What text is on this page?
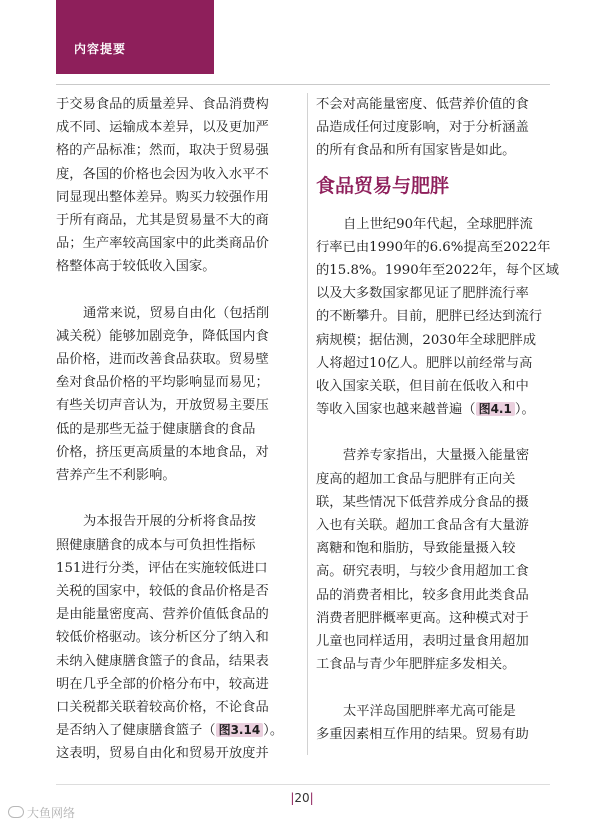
内容提要
于交易食品的质量差异、食品消费构
成不同、运输成本差异，以及更加严
格的产品标准；然而，取决于贸易强
度，各国的价格也会因为收入水平不
同显现出整体差异。购买力较强作用
于所有商品，尤其是贸易量不大的商
品；生产率较高国家中的此类商品价
格整体高于较低收入国家。
通常来说，贸易自由化（包括削
减关税）能够加剧竞争，降低国内食
品价格，进而改善食品获取。贸易壁
垒对食品价格的平均影响显而易见；
有些关切声音认为，开放贸易主要压
低的是那些无益于健康膳食的食品
价格，挤压更高质量的本地食品，对
营养产生不利影响。
为本报告开展的分析将食品按
照健康膳食的成本与可负担性指标
151进行分类，评估在实施较低进口
关税的国家中，较低的食品价格是否
是由能量密度高、营养价值低食品的
较低价格驱动。该分析区分了纳入和
未纳入健康膳食篮子的食品，结果表
明在几乎全部的价格分布中，较高进
口关税都关联着较高价格，不论食品
是否纳入了健康膳食篮子（ 图3.14 ）。
这表明，贸易自由化和贸易开放度并
不会对高能量密度、低营养价值的食
品造成任何过度影响，对于分析涵盖
的所有食品和所有国家皆是如此。
食品贸易与肥胖
自上世纪90年代起，全球肥胖流
行率已由1990年的6.6%提高至2022年
的15.8%。1990年至2022年，每个区域
以及大多数国家都见证了肥胖流行率
的不断攀升。目前，肥胖已经达到流行
病规模；据估测，2030年全球肥胖成
人将超过10亿人。肥胖以前经常与高
收入国家关联，但目前在低收入和中
等收入国家也越来越普遍（ 图4.1 ）。
营养专家指出，大量摄入能量密
度高的超加工食品与肥胖有正向关
联，某些情况下低营养成分食品的摄
入也有关联。超加工食品含有大量游
离糖和饱和脂肪，导致能量摄入较
高。研究表明，与较少食用超加工食
品的消费者相比，较多食用此类食品
消费者肥胖概率更高。这种模式对于
儿童也同样适用，表明过量食用超加
工食品与青少年肥胖症多发相关。
太平洋岛国肥胖率尤高可能是
多重因素相互作用的结果。贸易有助
|20|
大鱼网络
